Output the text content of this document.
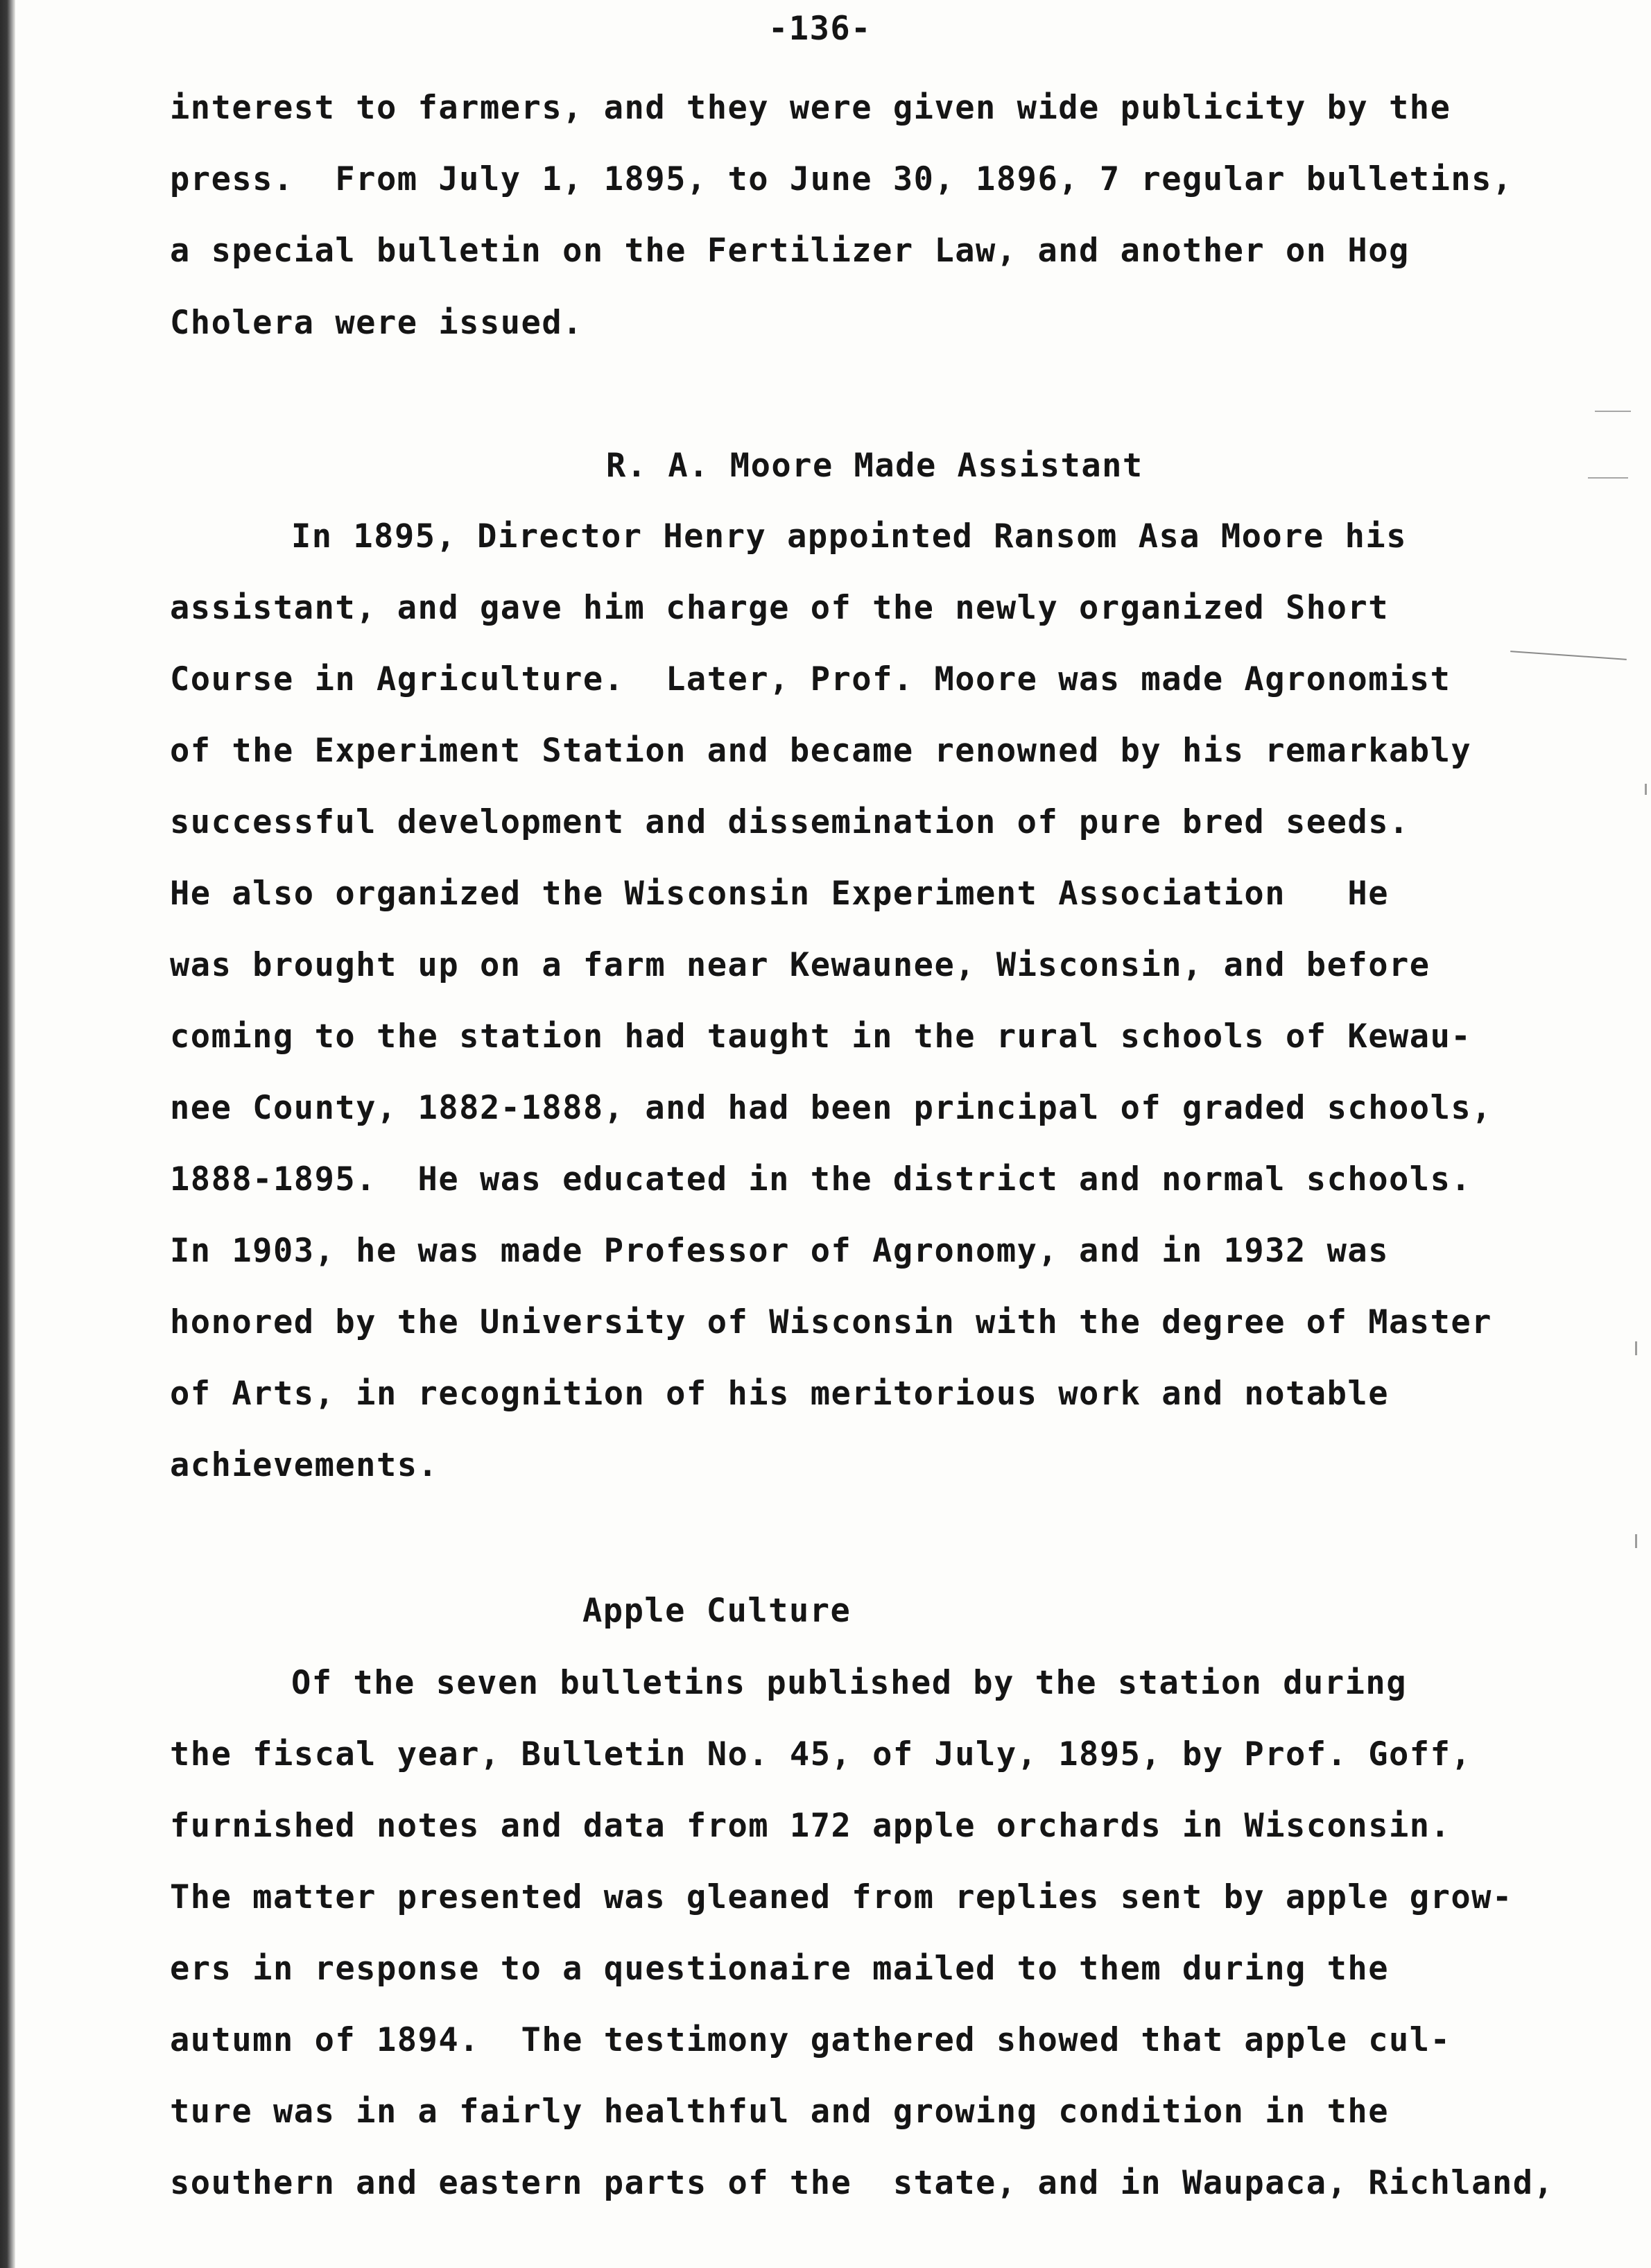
-136-
interest to farmers, and they were given wide publicity by the
press.  From July 1, 1895, to June 30, 1896, 7 regular bulletins,
a special bulletin on the Fertilizer Law, and another on Hog
Cholera were issued.
R. A. Moore Made Assistant
In 1895, Director Henry appointed Ransom Asa Moore his
assistant, and gave him charge of the newly organized Short
Course in Agriculture.  Later, Prof. Moore was made Agronomist
of the Experiment Station and became renowned by his remarkably
successful development and dissemination of pure bred seeds.
He also organized the Wisconsin Experiment Association   He
was brought up on a farm near Kewaunee, Wisconsin, and before
coming to the station had taught in the rural schools of Kewau-
nee County, 1882-1888, and had been principal of graded schools,
1888-1895.  He was educated in the district and normal schools.
In 1903, he was made Professor of Agronomy, and in 1932 was
honored by the University of Wisconsin with the degree of Master
of Arts, in recognition of his meritorious work and notable
achievements.
Apple Culture
Of the seven bulletins published by the station during
the fiscal year, Bulletin No. 45, of July, 1895, by Prof. Goff,
furnished notes and data from 172 apple orchards in Wisconsin.
The matter presented was gleaned from replies sent by apple grow-
ers in response to a questionaire mailed to them during the
autumn of 1894.  The testimony gathered showed that apple cul-
ture was in a fairly healthful and growing condition in the
southern and eastern parts of the  state, and in Waupaca, Richland,
